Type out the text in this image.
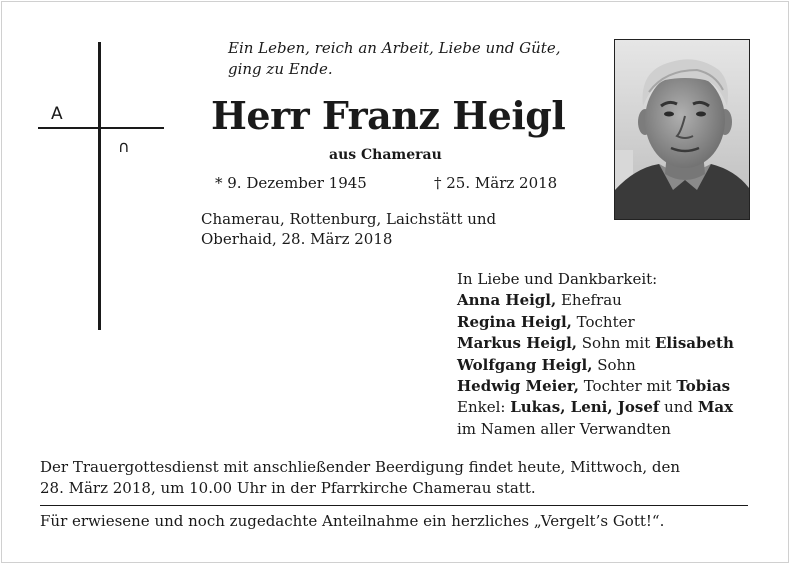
A
∩
Ein Leben, reich an Arbeit, Liebe und Güte,
ging zu Ende.
Herr Franz Heigl
aus Chamerau
* 9. Dezember 1945	† 25. März 2018
Chamerau, Rottenburg, Laichstätt und
Oberhaid, 28. März 2018
In Liebe und Dankbarkeit:
Anna Heigl, Ehefrau
Regina Heigl, Tochter
Markus Heigl, Sohn mit Elisabeth
Wolfgang Heigl, Sohn
Hedwig Meier, Tochter mit Tobias
Enkel: Lukas, Leni, Josef und Max
im Namen aller Verwandten
Der Trauergottesdienst mit anschließender Beerdigung findet heute, Mittwoch, den
28. März 2018, um 10.00 Uhr in der Pfarrkirche Chamerau statt.
Für erwiesene und noch zugedachte Anteilnahme ein herzliches „Vergelt’s Gott!“.
